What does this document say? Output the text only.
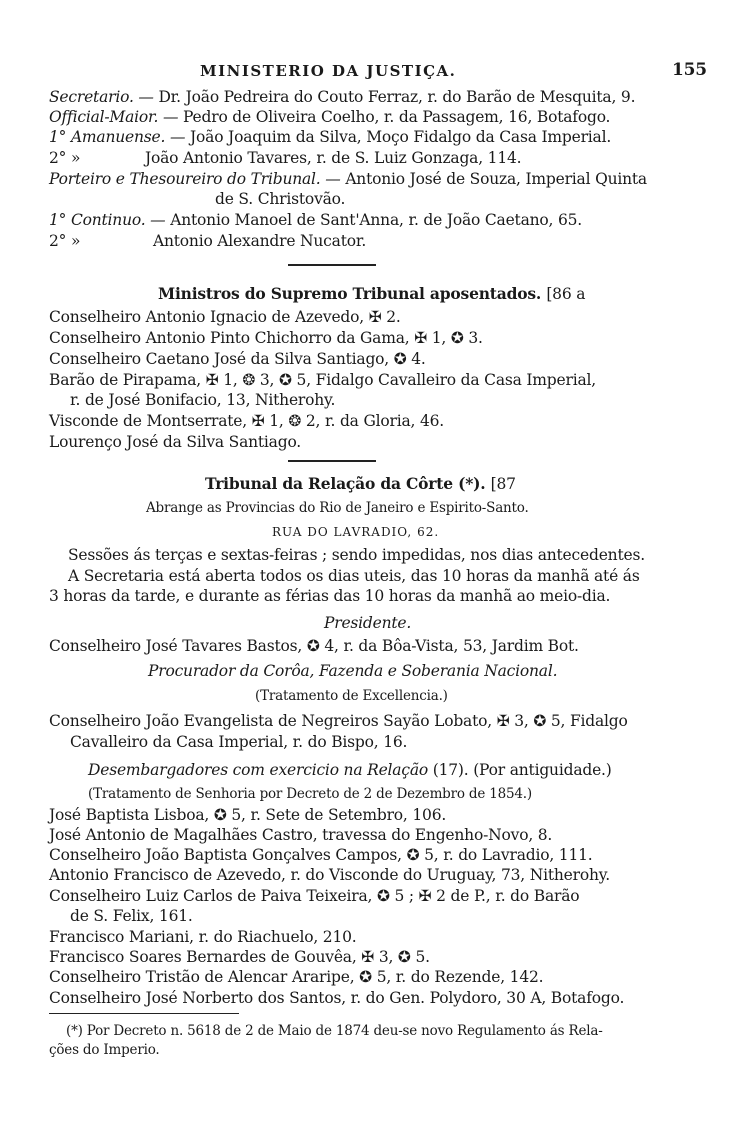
MINISTERIO DA JUSTIÇA.	155
Secretario. — Dr. João Pedreira do Couto Ferraz, r. do Barão de Mesquita, 9.
Official-Maior. — Pedro de Oliveira Coelho, r. da Passagem, 16, Botafogo.
1° Amanuense. — João Joaquim da Silva, Moço Fidalgo da Casa Imperial.
2° »	João Antonio Tavares, r. de S. Luiz Gonzaga, 114.
Porteiro e Thesoureiro do Tribunal. — Antonio José de Souza, Imperial Quinta
de S. Christovão.
1° Continuo. — Antonio Manoel de Sant'Anna, r. de João Caetano, 65.
2° »	Antonio Alexandre Nucator.
Ministros do Supremo Tribunal aposentados. [86 a
Conselheiro Antonio Ignacio de Azevedo, ✠ 2.
Conselheiro Antonio Pinto Chichorro da Gama, ✠ 1, ✪ 3.
Conselheiro Caetano José da Silva Santiago, ✪ 4.
Barão de Pirapama, ✠ 1, ❂ 3, ✪ 5, Fidalgo Cavalleiro da Casa Imperial,
r. de José Bonifacio, 13, Nitherohy.
Visconde de Montserrate, ✠ 1, ❂ 2, r. da Gloria, 46.
Lourenço José da Silva Santiago.
Tribunal da Relação da Côrte (*). [87
Abrange as Provincias do Rio de Janeiro e Espirito-Santo.
RUA DO LAVRADIO, 62.
Sessões ás terças e sextas-feiras ; sendo impedidas, nos dias antecedentes.
A Secretaria está aberta todos os dias uteis, das 10 horas da manhã até ás
3 horas da tarde, e durante as férias das 10 horas da manhã ao meio-dia.
Presidente.
Conselheiro José Tavares Bastos, ✪ 4, r. da Bôa-Vista, 53, Jardim Bot.
Procurador da Corôa, Fazenda e Soberania Nacional.
(Tratamento de Excellencia.)
Conselheiro João Evangelista de Negreiros Sayão Lobato, ✠ 3, ✪ 5, Fidalgo
Cavalleiro da Casa Imperial, r. do Bispo, 16.
Desembargadores com exercicio na Relação (17). (Por antiguidade.)
(Tratamento de Senhoria por Decreto de 2 de Dezembro de 1854.)
José Baptista Lisboa, ✪ 5, r. Sete de Setembro, 106.
José Antonio de Magalhães Castro, travessa do Engenho-Novo, 8.
Conselheiro João Baptista Gonçalves Campos, ✪ 5, r. do Lavradio, 111.
Antonio Francisco de Azevedo, r. do Visconde do Uruguay, 73, Nitherohy.
Conselheiro Luiz Carlos de Paiva Teixeira, ✪ 5 ; ✠ 2 de P., r. do Barão
de S. Felix, 161.
Francisco Mariani, r. do Riachuelo, 210.
Francisco Soares Bernardes de Gouvêa, ✠ 3, ✪ 5.
Conselheiro Tristão de Alencar Araripe, ✪ 5, r. do Rezende, 142.
Conselheiro José Norberto dos Santos, r. do Gen. Polydoro, 30 A, Botafogo.
(*) Por Decreto n. 5618 de 2 de Maio de 1874 deu-se novo Regulamento ás Rela-
ções do Imperio.
